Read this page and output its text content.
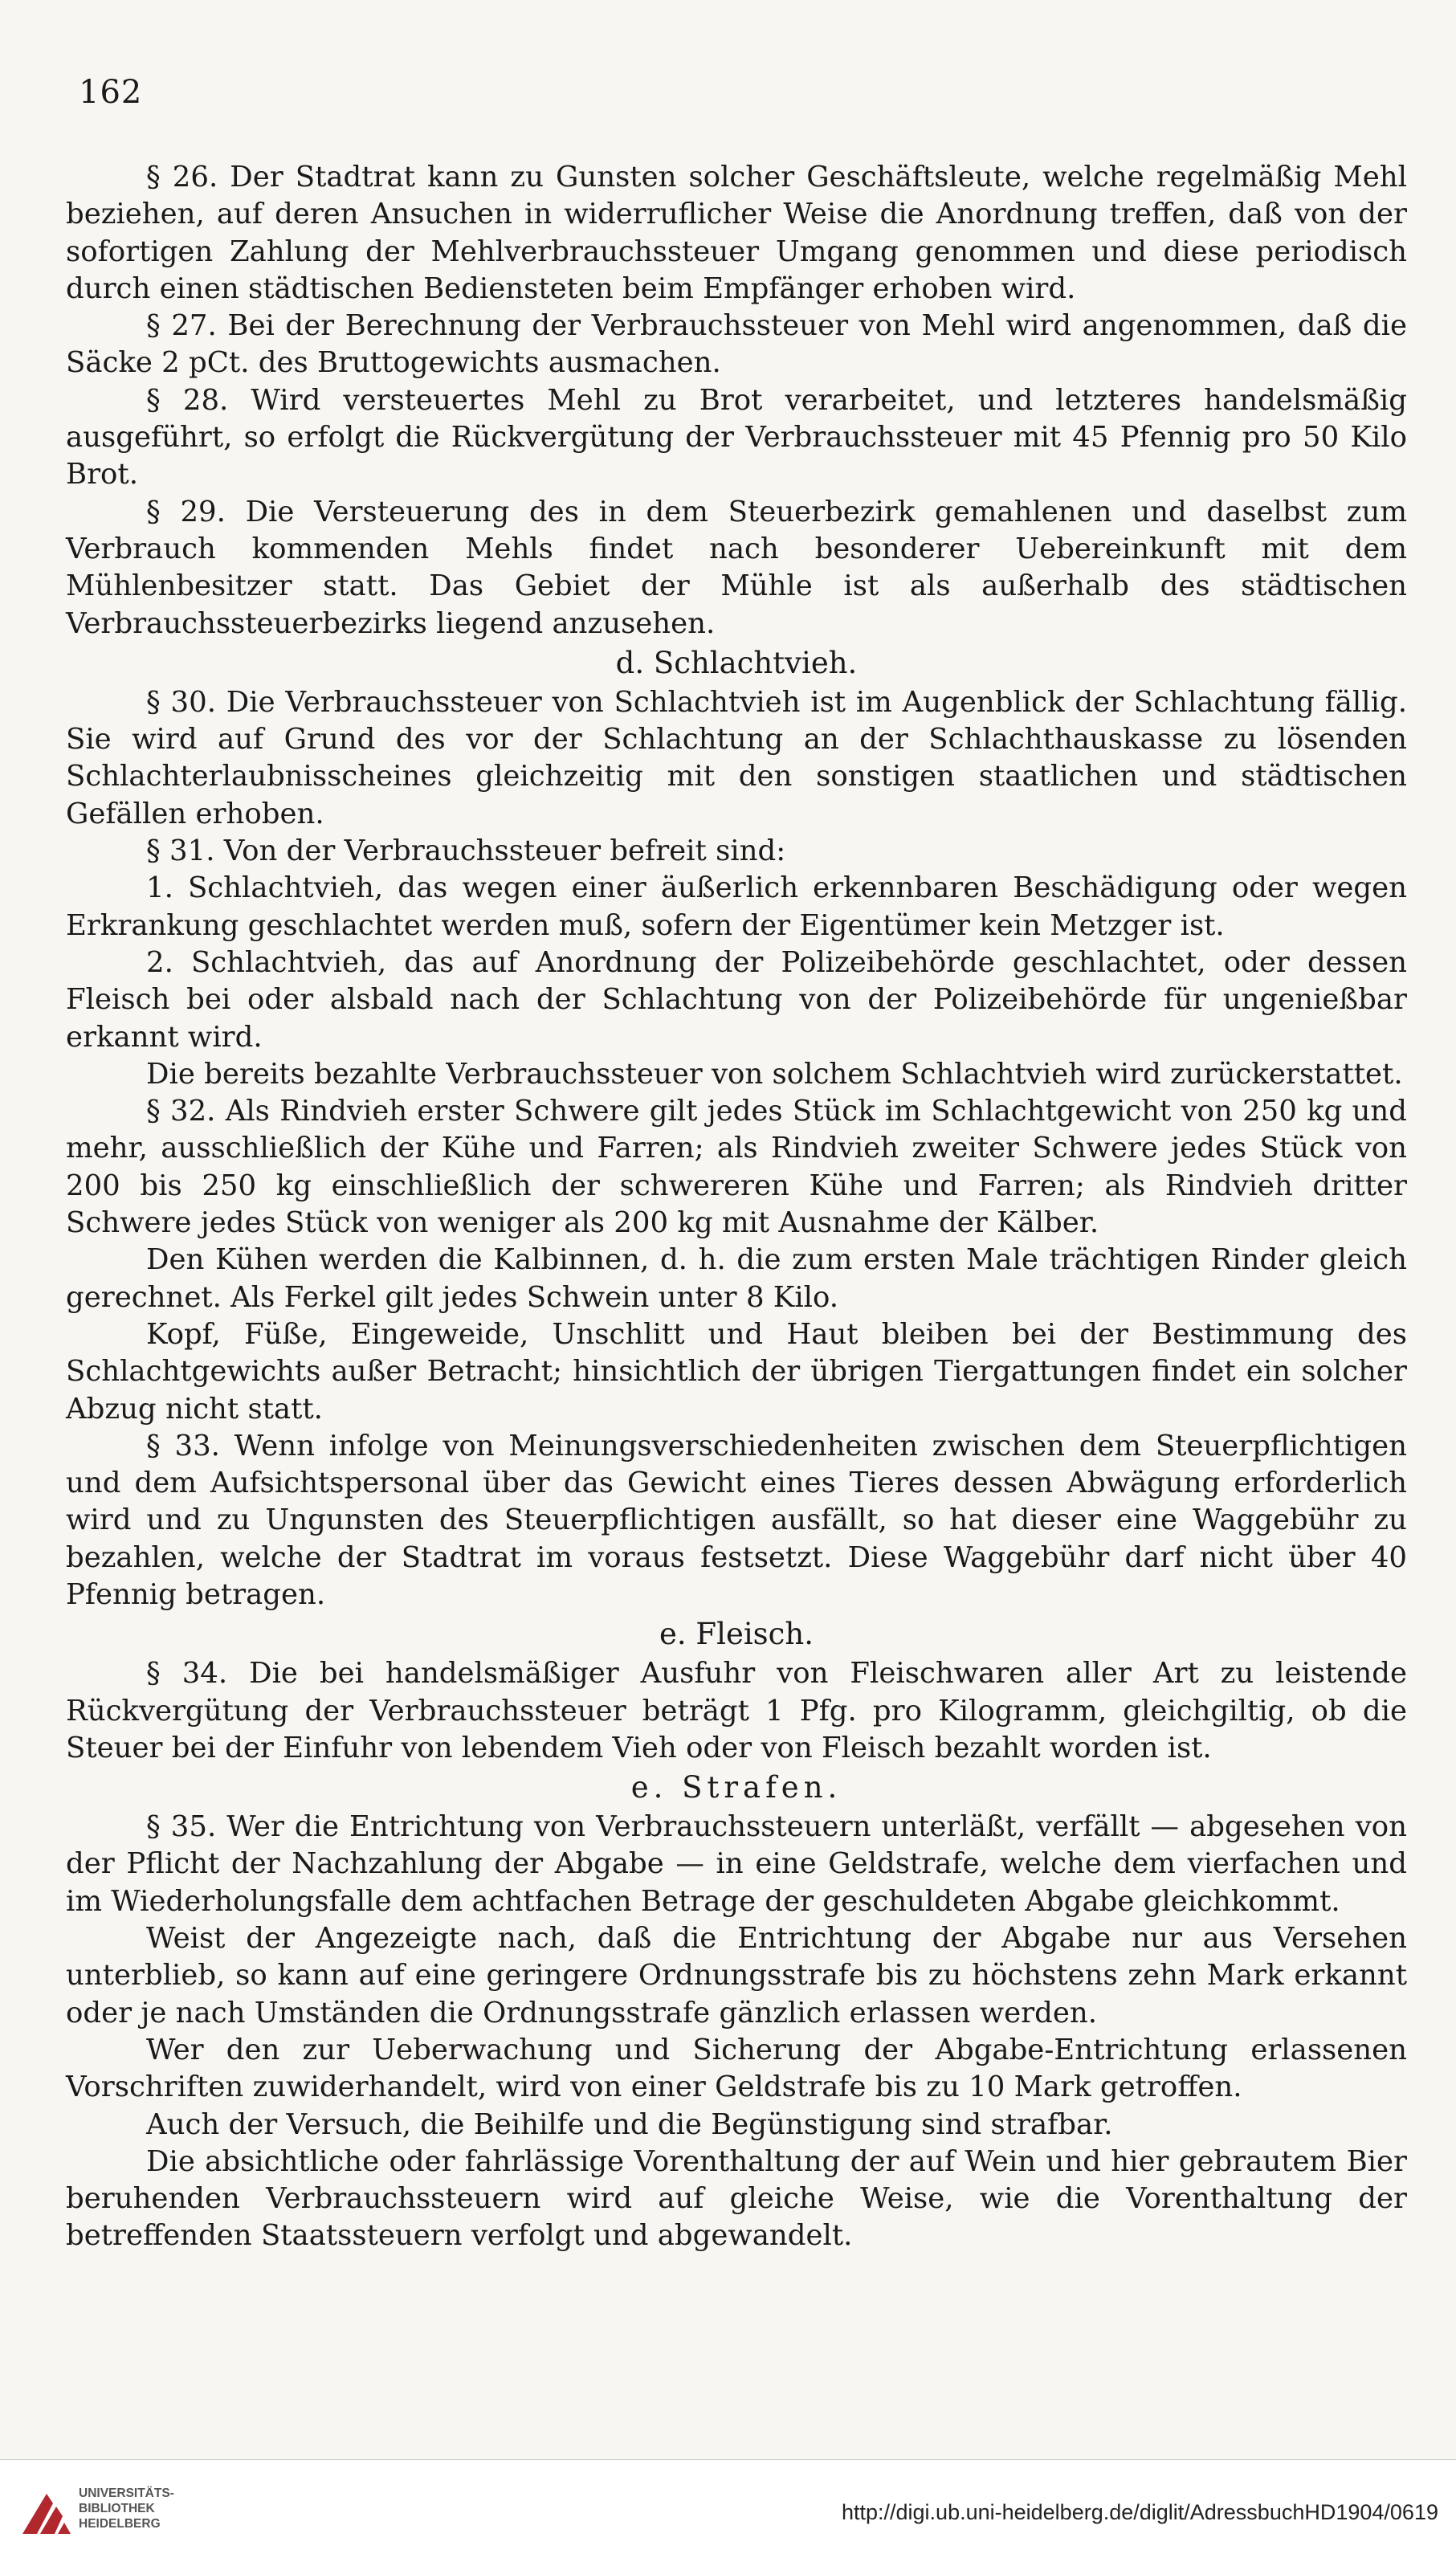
162

§ 26. Der Stadtrat kann zu Gunsten solcher Geschäftsleute, welche regelmäßig Mehl beziehen, auf deren Ansuchen in widerruflicher Weise die Anordnung treffen, daß von der sofortigen Zahlung der Mehlverbrauchssteuer Umgang genommen und diese periodisch durch einen städtischen Bediensteten beim Empfänger erhoben wird.

§ 27. Bei der Berechnung der Verbrauchssteuer von Mehl wird angenommen, daß die Säcke 2 pCt. des Bruttogewichts ausmachen.

§ 28. Wird versteuertes Mehl zu Brot verarbeitet, und letzteres handelsmäßig ausgeführt, so erfolgt die Rückvergütung der Verbrauchssteuer mit 45 Pfennig pro 50 Kilo Brot.

§ 29. Die Versteuerung des in dem Steuerbezirk gemahlenen und daselbst zum Verbrauch kommenden Mehls findet nach besonderer Uebereinkunft mit dem Mühlenbesitzer statt. Das Gebiet der Mühle ist als außerhalb des städtischen Verbrauchssteuerbezirks liegend anzusehen.

d. Schlachtvieh.

§ 30. Die Verbrauchssteuer von Schlachtvieh ist im Augenblick der Schlachtung fällig. Sie wird auf Grund des vor der Schlachtung an der Schlachthauskasse zu lösenden Schlachterlaubnisscheines gleichzeitig mit den sonstigen staatlichen und städtischen Gefällen erhoben.

§ 31. Von der Verbrauchssteuer befreit sind:

1. Schlachtvieh, das wegen einer äußerlich erkennbaren Beschädigung oder wegen Erkrankung geschlachtet werden muß, sofern der Eigentümer kein Metzger ist.

2. Schlachtvieh, das auf Anordnung der Polizeibehörde geschlachtet, oder dessen Fleisch bei oder alsbald nach der Schlachtung von der Polizeibehörde für ungenießbar erkannt wird.

Die bereits bezahlte Verbrauchssteuer von solchem Schlachtvieh wird zurückerstattet.

§ 32. Als Rindvieh erster Schwere gilt jedes Stück im Schlachtgewicht von 250 kg und mehr, ausschließlich der Kühe und Farren; als Rindvieh zweiter Schwere jedes Stück von 200 bis 250 kg einschließlich der schwereren Kühe und Farren; als Rindvieh dritter Schwere jedes Stück von weniger als 200 kg mit Ausnahme der Kälber.

Den Kühen werden die Kalbinnen, d. h. die zum ersten Male trächtigen Rinder gleich gerechnet. Als Ferkel gilt jedes Schwein unter 8 Kilo.

Kopf, Füße, Eingeweide, Unschlitt und Haut bleiben bei der Bestimmung des Schlachtgewichts außer Betracht; hinsichtlich der übrigen Tiergattungen findet ein solcher Abzug nicht statt.

§ 33. Wenn infolge von Meinungsverschiedenheiten zwischen dem Steuerpflichtigen und dem Aufsichtspersonal über das Gewicht eines Tieres dessen Abwägung erforderlich wird und zu Ungunsten des Steuerpflichtigen ausfällt, so hat dieser eine Waggebühr zu bezahlen, welche der Stadtrat im voraus festsetzt. Diese Waggebühr darf nicht über 40 Pfennig betragen.

e. Fleisch.

§ 34. Die bei handelsmäßiger Ausfuhr von Fleischwaren aller Art zu leistende Rückvergütung der Verbrauchssteuer beträgt 1 Pfg. pro Kilogramm, gleichgiltig, ob die Steuer bei der Einfuhr von lebendem Vieh oder von Fleisch bezahlt worden ist.

e. Strafen.

§ 35. Wer die Entrichtung von Verbrauchssteuern unterläßt, verfällt — abgesehen von der Pflicht der Nachzahlung der Abgabe — in eine Geldstrafe, welche dem vierfachen und im Wiederholungsfalle dem achtfachen Betrage der geschuldeten Abgabe gleichkommt.

Weist der Angezeigte nach, daß die Entrichtung der Abgabe nur aus Versehen unterblieb, so kann auf eine geringere Ordnungsstrafe bis zu höchstens zehn Mark erkannt oder je nach Umständen die Ordnungsstrafe gänzlich erlassen werden.

Wer den zur Ueberwachung und Sicherung der Abgabe-Entrichtung erlassenen Vorschriften zuwiderhandelt, wird von einer Geldstrafe bis zu 10 Mark getroffen.

Auch der Versuch, die Beihilfe und die Begünstigung sind strafbar.

Die absichtliche oder fahrlässige Vorenthaltung der auf Wein und hier gebrautem Bier beruhenden Verbrauchssteuern wird auf gleiche Weise, wie die Vorenthaltung der betreffenden Staatssteuern verfolgt und abgewandelt.

UNIVERSITÄTS-
BIBLIOTHEK
HEIDELBERG	http://digi.ub.uni-heidelberg.de/diglit/AdressbuchHD1904/0619
